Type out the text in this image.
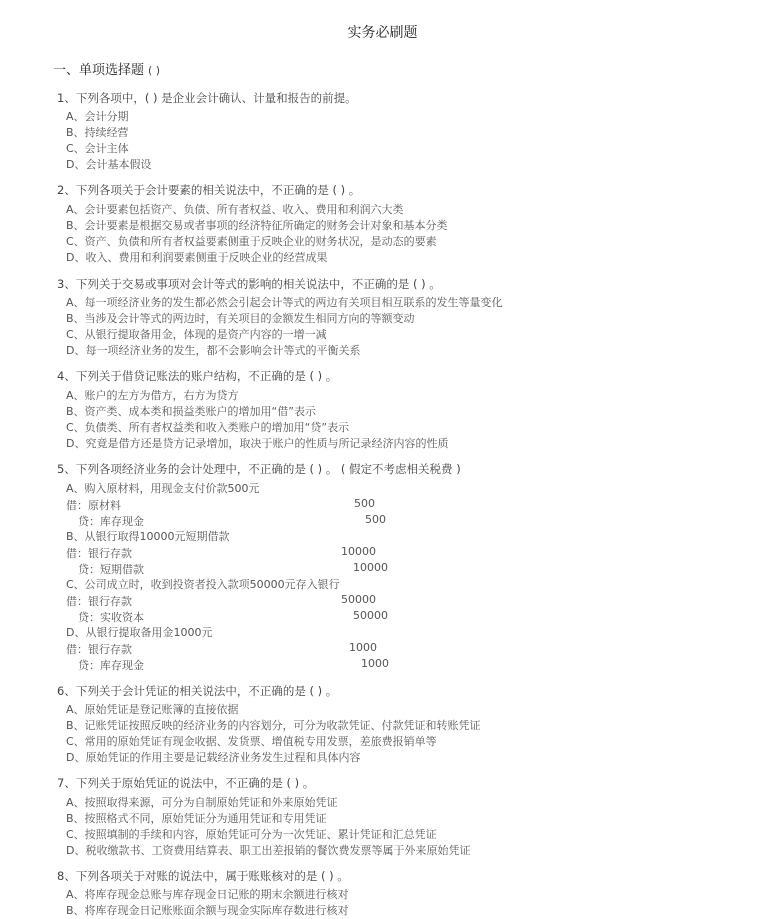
实务必刷题
一、单项选择题 ( )
1、下列各项中，( ) 是企业会计确认、计量和报告的前提。
A、会计分期
B、持续经营
C、会计主体
D、会计基本假设
2、下列各项关于会计要素的相关说法中，不正确的是 ( ) 。
A、会计要素包括资产、负债、所有者权益、收入、费用和利润六大类
B、会计要素是根据交易或者事项的经济特征所确定的财务会计对象和基本分类
C、资产、负债和所有者权益要素侧重于反映企业的财务状况，是动态的要素
D、收入、费用和利润要素侧重于反映企业的经营成果
3、下列关于交易或事项对会计等式的影响的相关说法中，不正确的是 ( ) 。
A、每一项经济业务的发生都必然会引起会计等式的两边有关项目相互联系的发生等量变化
B、当涉及会计等式的两边时，有关项目的金额发生相同方向的等额变动
C、从银行提取备用金，体现的是资产内容的一增一减
D、每一项经济业务的发生，都不会影响会计等式的平衡关系
4、下列关于借贷记账法的账户结构，不正确的是 ( ) 。
A、账户的左方为借方，右方为贷方
B、资产类、成本类和损益类账户的增加用“借”表示
C、负债类、所有者权益类和收入类账户的增加用“贷”表示
D、究竟是借方还是贷方记录增加，取决于账户的性质与所记录经济内容的性质
5、下列各项经济业务的会计处理中，不正确的是 ( ) 。 ( 假定不考虑相关税费 )
A、购入原材料，用现金支付价款500元
借：原材料	500
贷：库存现金	500
B、从银行取得10000元短期借款
借：银行存款	10000
贷：短期借款	10000
C、公司成立时，收到投资者投入款项50000元存入银行
借：银行存款	50000
贷：实收资本	50000
D、从银行提取备用金1000元
借：银行存款	1000
贷：库存现金	1000
6、下列关于会计凭证的相关说法中，不正确的是 ( ) 。
A、原始凭证是登记账簿的直接依据
B、记账凭证按照反映的经济业务的内容划分，可分为收款凭证、付款凭证和转账凭证
C、常用的原始凭证有现金收据、发货票、增值税专用发票，差旅费报销单等
D、原始凭证的作用主要是记载经济业务发生过程和具体内容
7、下列关于原始凭证的说法中，不正确的是 ( ) 。
A、按照取得来源，可分为自制原始凭证和外来原始凭证
B、按照格式不同，原始凭证分为通用凭证和专用凭证
C、按照填制的手续和内容，原始凭证可分为一次凭证、累计凭证和汇总凭证
D、税收缴款书、工资费用结算表、职工出差报销的餐饮费发票等属于外来原始凭证
8、下列各项关于对账的说法中，属于账账核对的是 ( ) 。
A、将库存现金总账与库存现金日记账的期末余额进行核对
B、将库存现金日记账账面余额与现金实际库存数进行核对
